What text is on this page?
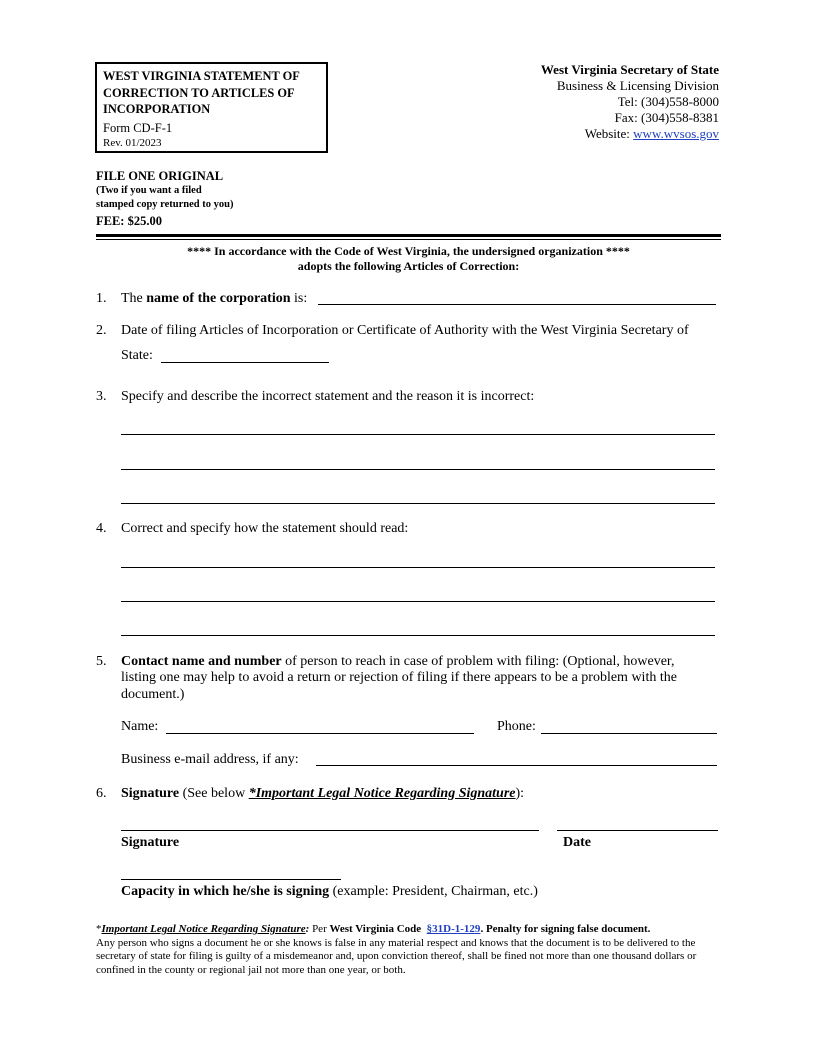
WEST VIRGINIA STATEMENT OF
CORRECTION TO ARTICLES OF
INCORPORATION
Form CD-F-1
Rev. 01/2023
West Virginia Secretary of State
Business & Licensing Division
Tel: (304)558-8000
Fax: (304)558-8381
Website: www.wvsos.gov
FILE ONE ORIGINAL
(Two if you want a filed
stamped copy returned to you)
FEE: $25.00
**** In accordance with the Code of West Virginia, the undersigned organization ****
adopts the following Articles of Correction:
1. The name of the corporation is:
2. Date of filing Articles of Incorporation or Certificate of Authority with the West Virginia Secretary of
State:
3. Specify and describe the incorrect statement and the reason it is incorrect:
4. Correct and specify how the statement should read:
5. Contact name and number of person to reach in case of problem with filing: (Optional, however,
listing one may help to avoid a return or rejection of filing if there appears to be a problem with the
document.)
Name:	Phone:
Business e-mail address, if any:
6. Signature (See below *Important Legal Notice Regarding Signature):
Signature	Date
Capacity in which he/she is signing (example: President, Chairman, etc.)
*Important Legal Notice Regarding Signature: Per West Virginia Code §31D-1-129. Penalty for signing false document.
Any person who signs a document he or she knows is false in any material respect and knows that the document is to be delivered to the secretary of state for filing is guilty of a misdemeanor and, upon conviction thereof, shall be fined not more than one thousand dollars or confined in the county or regional jail not more than one year, or both.
